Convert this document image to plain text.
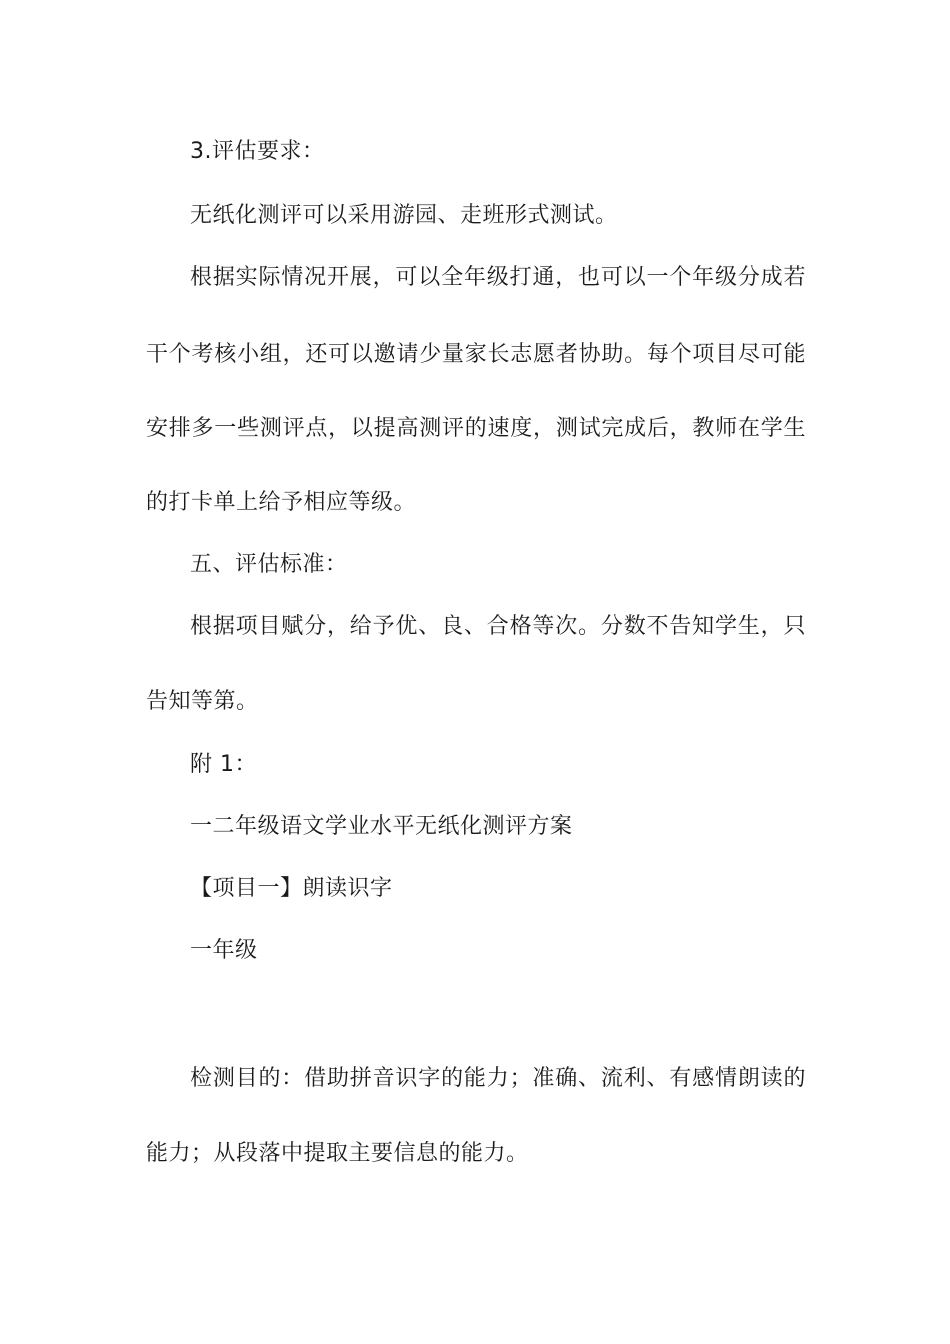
3.评估要求：
无纸化测评可以采用游园、走班形式测试。
根据实际情况开展，可以全年级打通，也可以一个年级分成若
干个考核小组，还可以邀请少量家长志愿者协助。每个项目尽可能
安排多一些测评点，以提高测评的速度，测试完成后，教师在学生
的打卡单上给予相应等级。
五、评估标准：
根据项目赋分，给予优、良、合格等次。分数不告知学生，只
告知等第。
附 1：
一二年级语文学业水平无纸化测评方案
【项目一】朗读识字
一年级
检测目的：借助拼音识字的能力；准确、流利、有感情朗读的
能力；从段落中提取主要信息的能力。
